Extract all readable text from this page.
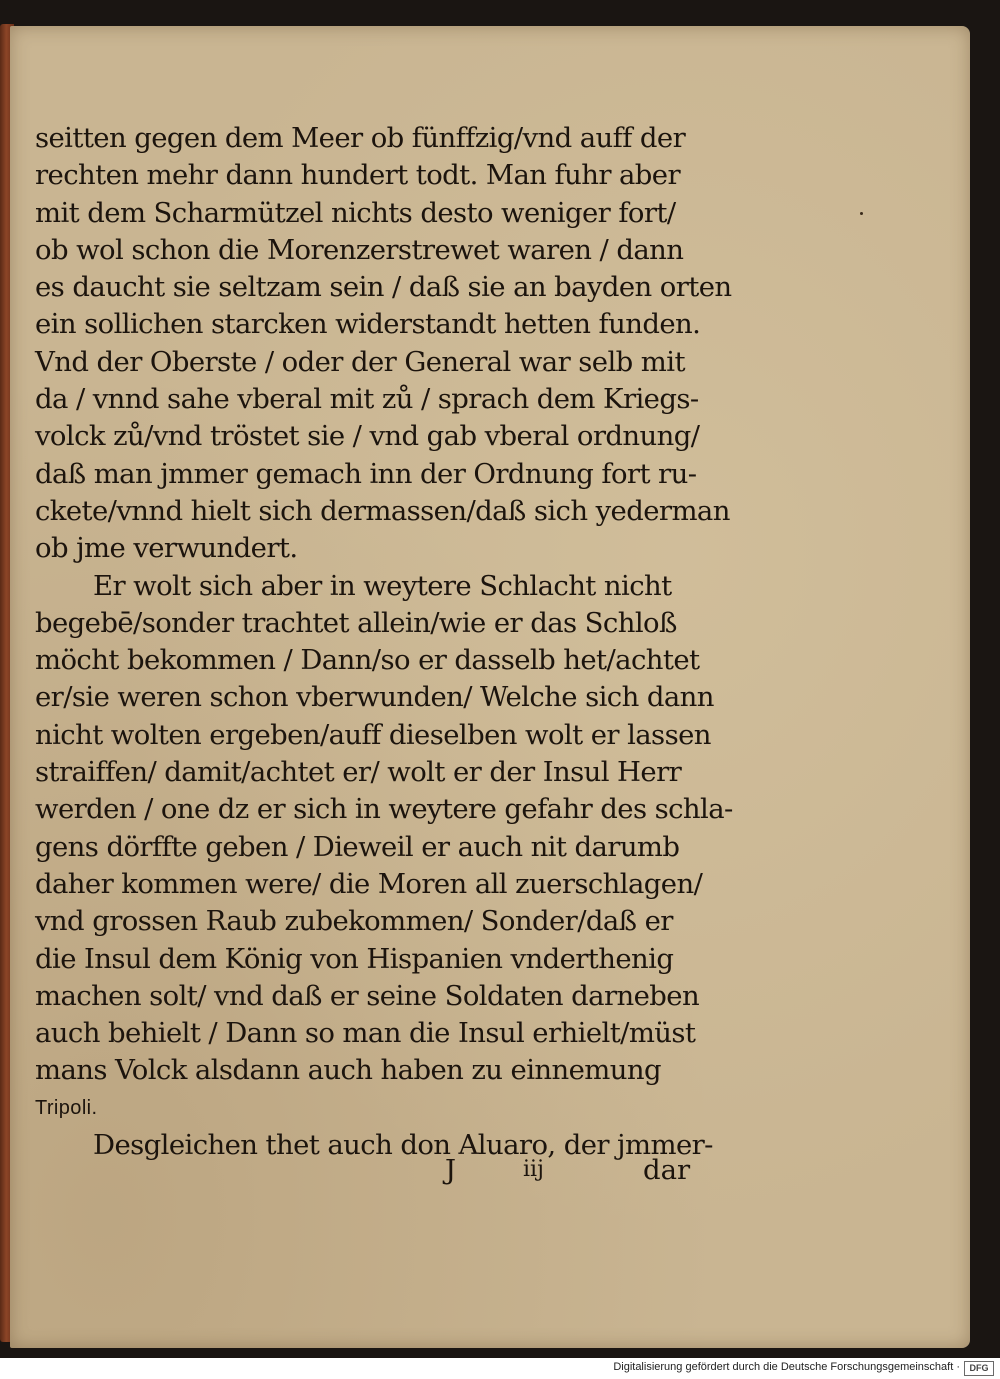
seitten gegen dem Meer ob fünffzig/vnd auff der
rechten mehr dann hundert todt. Man fuhr aber
mit dem Scharmützel nichts desto weniger fort/
ob wol schon die Morenzerstrewet waren / dann
es daucht sie seltzam sein / daß sie an bayden orten
ein sollichen starcken widerstandt hetten funden.
Vnd der Oberste / oder der General war selb mit
da / vnnd sahe vberal mit zů / sprach dem Kriegs-
volck zů/vnd tröstet sie / vnd gab vberal ordnung/
daß man jmmer gemach inn der Ordnung fort ru-
ckete/vnnd hielt sich dermassen/daß sich yederman
ob jme verwundert.
Er wolt sich aber in weytere Schlacht nicht
begebē/sonder trachtet allein/wie er das Schloß
möcht bekommen / Dann/so er dasselb het/achtet
er/sie weren schon vberwunden/ Welche sich dann
nicht wolten ergeben/auff dieselben wolt er lassen
straiffen/ damit/achtet er/ wolt er der Insul Herr
werden / one dz er sich in weytere gefahr des schla-
gens dörffte geben / Dieweil er auch nit darumb
daher kommen were/ die Moren all zuerschlagen/
vnd grossen Raub zubekommen/ Sonder/daß er
die Insul dem König von Hispanien vnderthenig
machen solt/ vnd daß er seine Soldaten darneben
auch behielt / Dann so man die Insul erhielt/müst
mans Volck alsdann auch haben zu einnemung
Tripoli.
Desgleichen thet auch don Aluaro, der jmmer-
J	iij	dar
Digitalisierung gefördert durch die Deutsche Forschungsgemeinschaft ·	DFG
